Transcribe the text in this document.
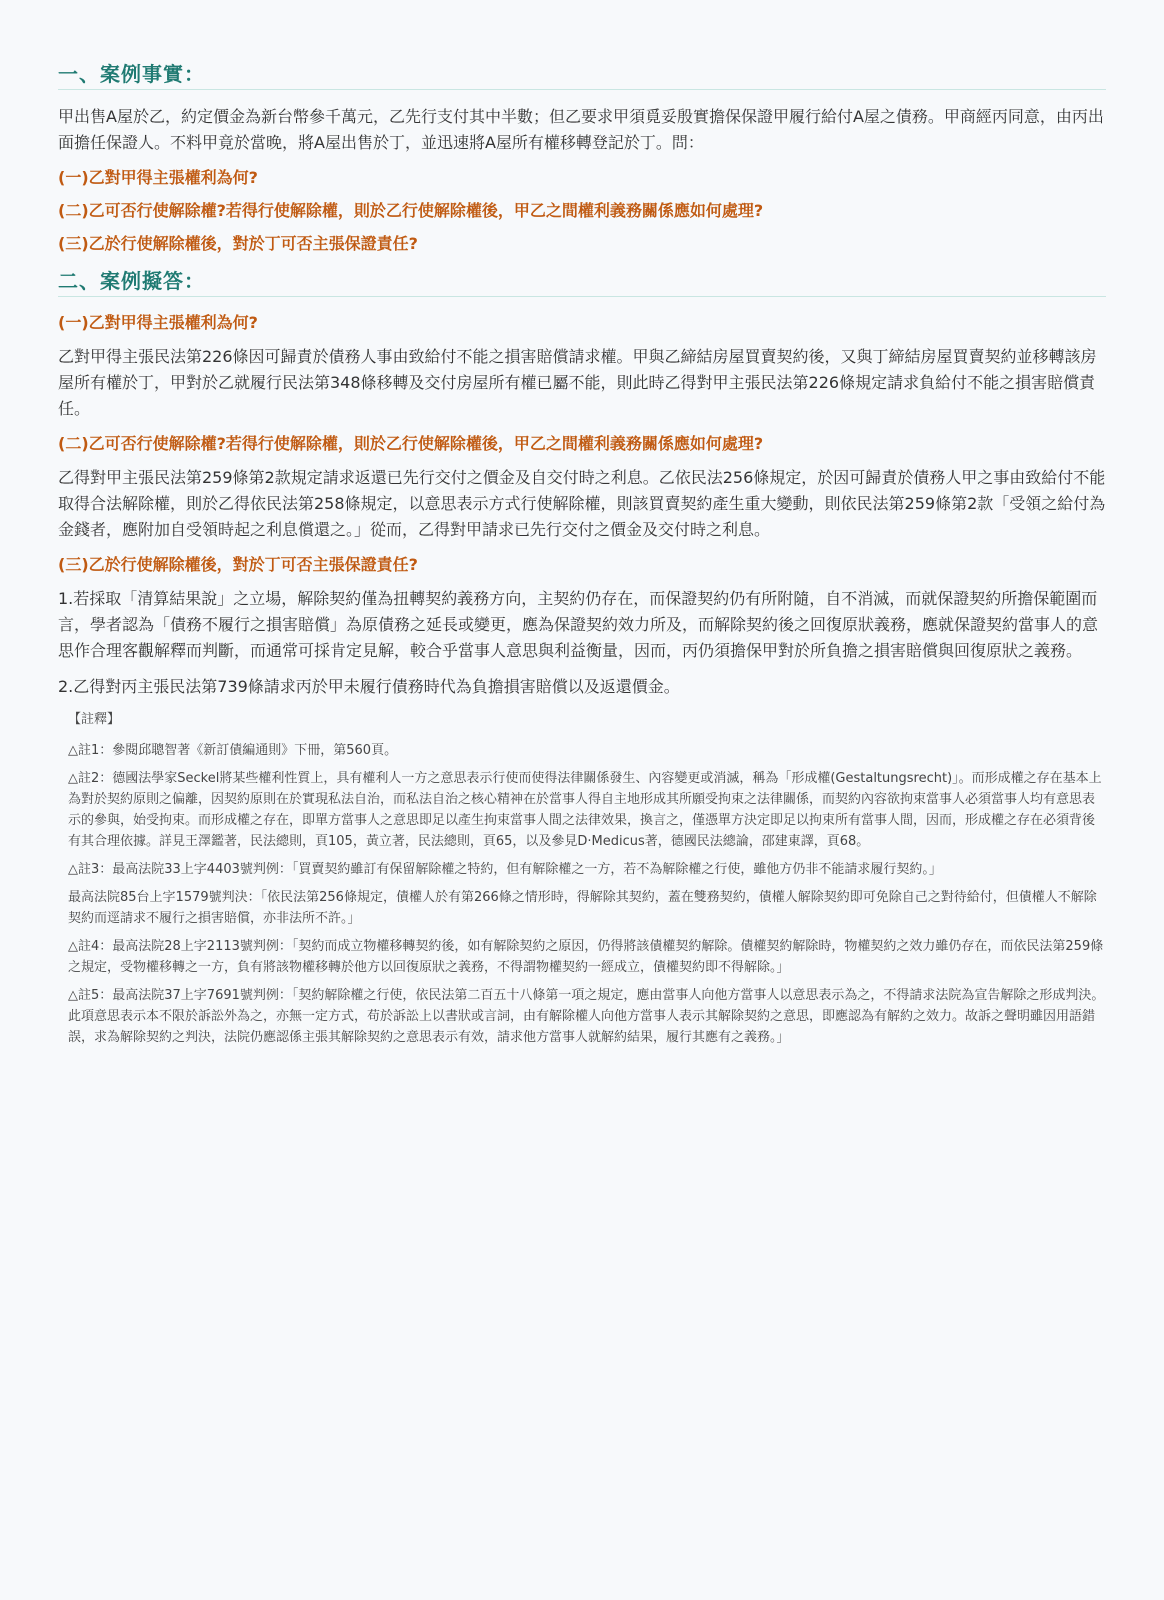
一、案例事實：

甲出售A屋於乙，約定價金為新台幣參千萬元，乙先行支付其中半數；但乙要求甲須覓妥殷實擔保保證甲履行給付A屋之債務。甲商經丙同意，由丙出面擔任保證人。不料甲竟於當晚，將A屋出售於丁，並迅速將A屋所有權移轉登記於丁。問：

(一)乙對甲得主張權利為何?

(二)乙可否行使解除權?若得行使解除權，則於乙行使解除權後，甲乙之間權利義務關係應如何處理?

(三)乙於行使解除權後，對於丁可否主張保證責任?

二、案例擬答：

(一)乙對甲得主張權利為何?

乙對甲得主張民法第226條因可歸責於債務人事由致給付不能之損害賠償請求權。甲與乙締結房屋買賣契約後，又與丁締結房屋買賣契約並移轉該房屋所有權於丁，甲對於乙就履行民法第348條移轉及交付房屋所有權已屬不能，則此時乙得對甲主張民法第226條規定請求負給付不能之損害賠償責任。

(二)乙可否行使解除權?若得行使解除權，則於乙行使解除權後，甲乙之間權利義務關係應如何處理?

乙得對甲主張民法第259條第2款規定請求返還已先行交付之價金及自交付時之利息。乙依民法256條規定，於因可歸責於債務人甲之事由致給付不能取得合法解除權，則於乙得依民法第258條規定，以意思表示方式行使解除權，則該買賣契約產生重大變動，則依民法第259條第2款「受領之給付為金錢者，應附加自受領時起之利息償還之。」從而，乙得對甲請求已先行交付之價金及交付時之利息。

(三)乙於行使解除權後，對於丁可否主張保證責任?

1.若採取「清算結果說」之立場，解除契約僅為扭轉契約義務方向，主契約仍存在，而保證契約仍有所附隨，自不消滅，而就保證契約所擔保範圍而言，學者認為「債務不履行之損害賠償」為原債務之延長或變更，應為保證契約效力所及，而解除契約後之回復原狀義務，應就保證契約當事人的意思作合理客觀解釋而判斷，而通常可採肯定見解，較合乎當事人意思與利益衡量，因而，丙仍須擔保甲對於所負擔之損害賠償與回復原狀之義務。

2.乙得對丙主張民法第739條請求丙於甲未履行債務時代為負擔損害賠償以及返還價金。

【註釋】

△註1：參閱邱聰智著《新訂債編通則》下冊，第560頁。

△註2：德國法學家Seckel將某些權利性質上，具有權利人一方之意思表示行使而使得法律關係發生、內容變更或消滅，稱為「形成權(Gestaltungsrecht)」。而形成權之存在基本上為對於契約原則之偏離，因契約原則在於實現私法自治，而私法自治之核心精神在於當事人得自主地形成其所願受拘束之法律關係，而契約內容欲拘束當事人必須當事人均有意思表示的參與，始受拘束。而形成權之存在，即單方當事人之意思即足以產生拘束當事人間之法律效果，換言之，僅憑單方決定即足以拘束所有當事人間，因而，形成權之存在必須背後有其合理依據。詳見王澤鑑著，民法總則，頁105，黃立著，民法總則，頁65，以及參見D·Medicus著，德國民法總論，邵建東譯，頁68。

△註3：最高法院33上字4403號判例：「買賣契約雖訂有保留解除權之特約，但有解除權之一方，若不為解除權之行使，雖他方仍非不能請求履行契約。」

最高法院85台上字1579號判決：「依民法第256條規定，債權人於有第266條之情形時，得解除其契約，蓋在雙務契約，債權人解除契約即可免除自己之對待給付，但債權人不解除契約而逕請求不履行之損害賠償，亦非法所不許。」

△註4：最高法院28上字2113號判例：「契約而成立物權移轉契約後，如有解除契約之原因，仍得將該債權契約解除。債權契約解除時，物權契約之效力雖仍存在，而依民法第259條之規定，受物權移轉之一方，負有將該物權移轉於他方以回復原狀之義務，不得謂物權契約一經成立，債權契約即不得解除。」

△註5：最高法院37上字7691號判例：「契約解除權之行使，依民法第二百五十八條第一項之規定，應由當事人向他方當事人以意思表示為之，不得請求法院為宣告解除之形成判決。此項意思表示本不限於訴訟外為之，亦無一定方式，苟於訴訟上以書狀或言詞，由有解除權人向他方當事人表示其解除契約之意思，即應認為有解約之效力。故訴之聲明雖因用語錯誤，求為解除契約之判決，法院仍應認係主張其解除契約之意思表示有效，請求他方當事人就解約結果，履行其應有之義務。」
